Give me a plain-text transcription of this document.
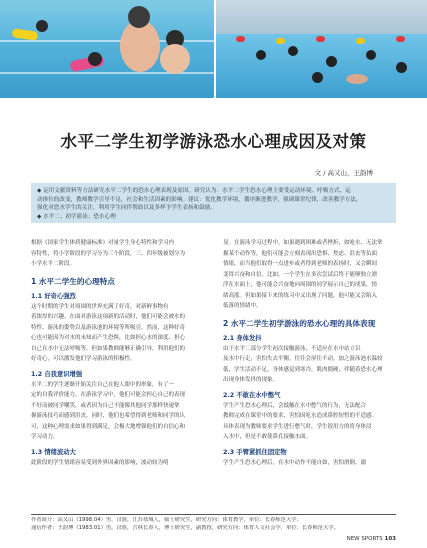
水平二学生初学游泳恐水心理成因及对策
文 / 高又山，王韵博
◆ 运用文献资料等方法研究水平二学生的恐水心理表现及原因。研究认为：水平二学生恐水心理主要受运动环境、呼吸方式、运
动体位的改变，教师教学引导不足，社会和生活因素的影响。建议：优化教学环境，循序渐进教学，强调课堂纪律，改善教学方法，
强化对恐水学生的关注，利用学生同伴帮助以及多样予学生表扬和鼓励。
◆ 水平二；初学游泳；恐水心理
根据《国家学生体质健康标准》对量学生身心特性和学习内
容特性，将小学阶段的学习分为三个阶段，三、四年级被划分为
小学水平二阶段。
1 水平二学生的心理特点
1.1 好奇心强烈
这个时期的学生对周围的世界充满了好奇，对新鲜事物有
着浓厚的兴趣。在面对游泳这项新的活动时，他们可能会被水的
特性、游泳的姿势以及游泳池的环境等所吸引。然而，这种好奇
心也可能因为对水的未知而产生恐惧，比如担心水的深度、担心
自己在水中无法呼吸等。但如果教师能够正确引导，利用他们的
好奇心，可以激发他们学习游泳的积极性。
1.2 自我意识增强
水平二的学生逐渐开始关注自己在他人眼中的形象，有了一
定的自我评价能力。在游泳学习中，他们可能会担心自己的表现
不好而被同学嘲笑，或者因为自己不能像其他同学那样快速掌
握游泳技巧而感到沮丧。同时，他们也希望得到老师和同学的认
可，这种心理需求如果得到满足，会极大地增强他们的自信心和
学习动力。
1.3 情绪波动大
此阶段的学生情绪容易受到外界因素的影响，波动较为明
显。在游泳学习过程中，如果遇到困难或者挫折，如呛水、无法掌
握某个动作等，他们可能会立刻表现出恐惧、焦虑、沮丧等负面
情绪，而当他们取得一点进步或者得到老师的表扬时，又会瞬间
变得兴奋和自信。比如，一个学生在多次尝试后终于能够独立漂
浮在水面上，他可能会兴奋地向周围的同学展示自己的成果，情
绪高涨。但如果接下来的练习中又出现了问题，他可能又会陷入
低落的情绪中。
2 水平二学生初学游泳的恐水心理的具体表现
2.1 身体发抖
由于水平二部分学生初次接触游泳，不适应在水中站立以
及水中行走，害怕失去平衡，往往会屏住不动，加之游泳池水温较
低，学生活动不足，身体感觉到寒冷，肌肉僵硬，伴随着恐水心理
出现身体发抖的现象。
2.2 不敢在水中憋气
学生产生恐水心理后，会抵触在水中憋气的行为，无法配合
教师完成在课堂中的要求，害怕因吃水造成鼻腔短暂的不适感。
具体表现为教师要求学生进行憋气时，学生很用力的将身体浸
入水中，但是不敢使鼻孔接触水面。
2.3 手臂紧抓住固定物
学生产生恐水心理后，在水中动作不能自如，害怕滑倒、溺
作者简介：高又山（1998.04）男，汉族，江苏盐城人，硕士研究生，研究方向：体育教学，单位：长春师范大学；
通信作者：王韵博（1983.01）男，汉族，吉林长春人，博士研究生，副教授，研究方向：体育人文社会学，单位：长春师范大学。
NEW SPORTS 103
